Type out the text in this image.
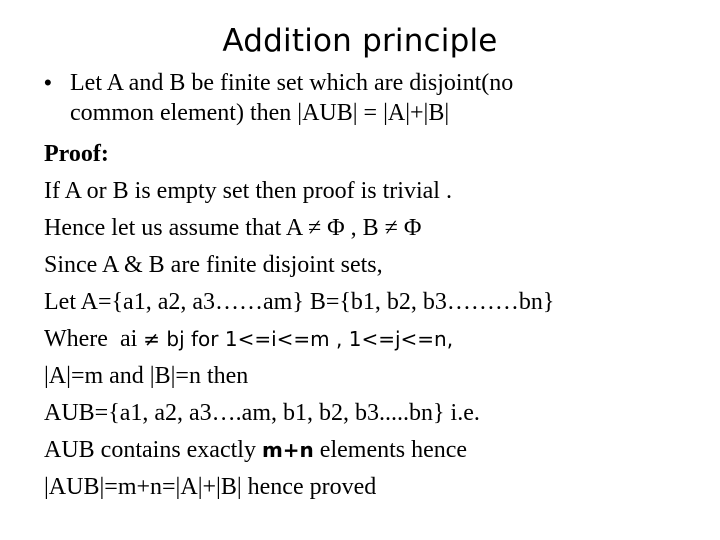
Addition principle
• Let A and B be finite set which are disjoint(no
common element) then |AUB| = |A|+|B|
Proof:
If A or B is empty set then proof is trivial .
Hence let us assume that A ≠ Φ , B ≠ Φ
Since A & B are finite disjoint sets,
Let A={a1, a2, a3……am} B={b1, b2, b3………bn}
Where  ai ≠ bj for 1<=i<=m , 1<=j<=n,
|A|=m and |B|=n then
AUB={a1, a2, a3….am, b1, b2, b3.....bn} i.e.
AUB contains exactly m+n elements hence
|AUB|=m+n=|A|+|B| hence proved
